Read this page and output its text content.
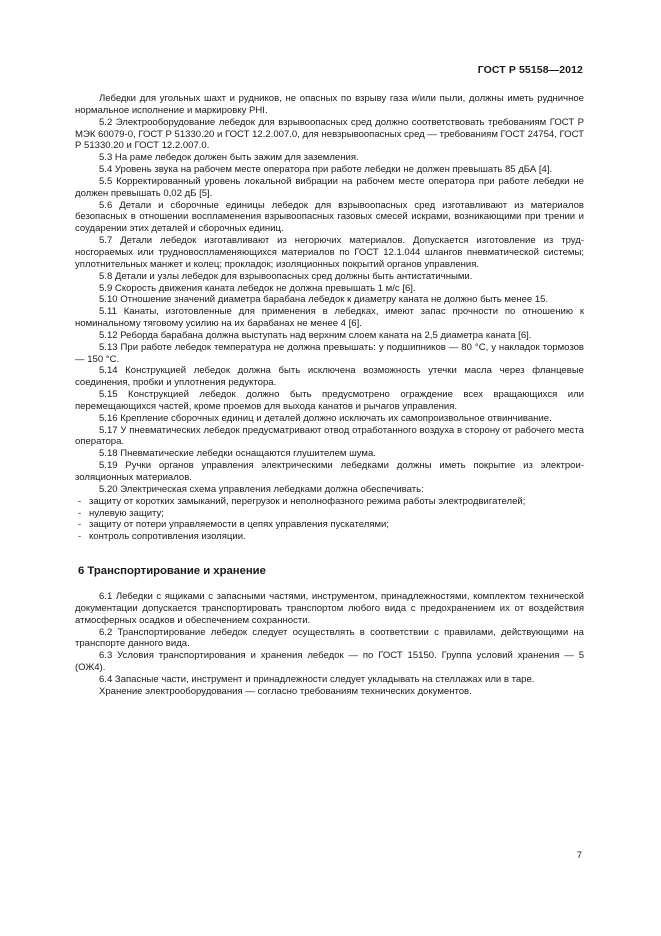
ГОСТ Р 55158—2012

Лебедки для угольных шахт и рудников, не опасных по взрыву газа и/или пыли, должны иметь рудничное нормальное исполнение и маркировку PHI.

5.2 Электрооборудование лебедок для взрывоопасных сред должно соответствовать требованиям ГОСТ Р МЭК 60079-0, ГОСТ Р 51330.20 и ГОСТ 12.2.007.0, для невзрывоопасных сред — требованиям ГОСТ 24754, ГОСТ Р 51330.20 и ГОСТ 12.2.007.0.

5.3 На раме лебедок должен быть зажим для заземления.

5.4 Уровень звука на рабочем месте оператора при работе лебедки не должен превышать 85 дБА [4].

5.5 Корректированный уровень локальной вибрации на рабочем месте оператора при работе лебедки не должен превышать 0,02 дБ [5].

5.6 Детали и сборочные единицы лебедок для взрывоопасных сред изготавливают из материалов безопасных в отношении воспламенения взрывоопасных газовых смесей искрами, возникающими при трении и соударении этих деталей и сборочных единиц.

5.7 Детали лебедок изготавливают из негорючих материалов. Допускается изготовление из трудносгораемых или трудновоспламеняющихся материалов по ГОСТ 12.1.044 шлангов пневматической системы; уплотнительных манжет и колец; прокладок; изоляционных покрытий органов управления.

5.8 Детали и узлы лебедок для взрывоопасных сред должны быть антистатичными.

5.9 Скорость движения каната лебедок не должна превышать 1 м/с [6].

5.10 Отношение значений диаметра барабана лебедок к диаметру каната не должно быть менее 15.

5.11 Канаты, изготовленные для применения в лебедках, имеют запас прочности по отношению к номинальному тяговому усилию на их барабанах не менее 4 [6].

5.12 Реборда барабана должна выступать над верхним слоем каната на 2,5 диаметра каната [6].

5.13 При работе лебедок температура не должна превышать: у подшипников — 80 °С, у накладок тормозов — 150 °С.

5.14 Конструкцией лебедок должна быть исключена возможность утечки масла через фланцевые соединения, пробки и уплотнения редуктора.

5.15 Конструкцией лебедок должно быть предусмотрено ограждение всех вращающихся или перемещающихся частей, кроме проемов для выхода канатов и рычагов управления.

5.16 Крепление сборочных единиц и деталей должно исключать их самопроизвольное отвинчивание.

5.17 У пневматических лебедок предусматривают отвод отработанного воздуха в сторону от рабочего места оператора.

5.18 Пневматические лебедки оснащаются глушителем шума.

5.19 Ручки органов управления электрическими лебедками должны иметь покрытие из электроизоляционных материалов.

5.20 Электрическая схема управления лебедками должна обеспечивать:

- защиту от коротких замыканий, перегрузок и неполнофазного режима работы электродвигателей;

- нулевую защиту;

- защиту от потери управляемости в цепях управления пускателями;

- контроль сопротивления изоляции.

6 Транспортирование и хранение

6.1 Лебедки с ящиками с запасными частями, инструментом, принадлежностями, комплектом технической документации допускается транспортировать транспортом любого вида с предохранением их от воздействия атмосферных осадков и обеспечением сохранности.

6.2 Транспортирование лебедок следует осуществлять в соответствии с правилами, действующими на транспорте данного вида.

6.3 Условия транспортирования и хранения лебедок — по ГОСТ 15150. Группа условий хранения — 5 (ОЖ4).

6.4 Запасные части, инструмент и принадлежности следует укладывать на стеллажах или в таре.

Хранение электрооборудования — согласно требованиям технических документов.

7
